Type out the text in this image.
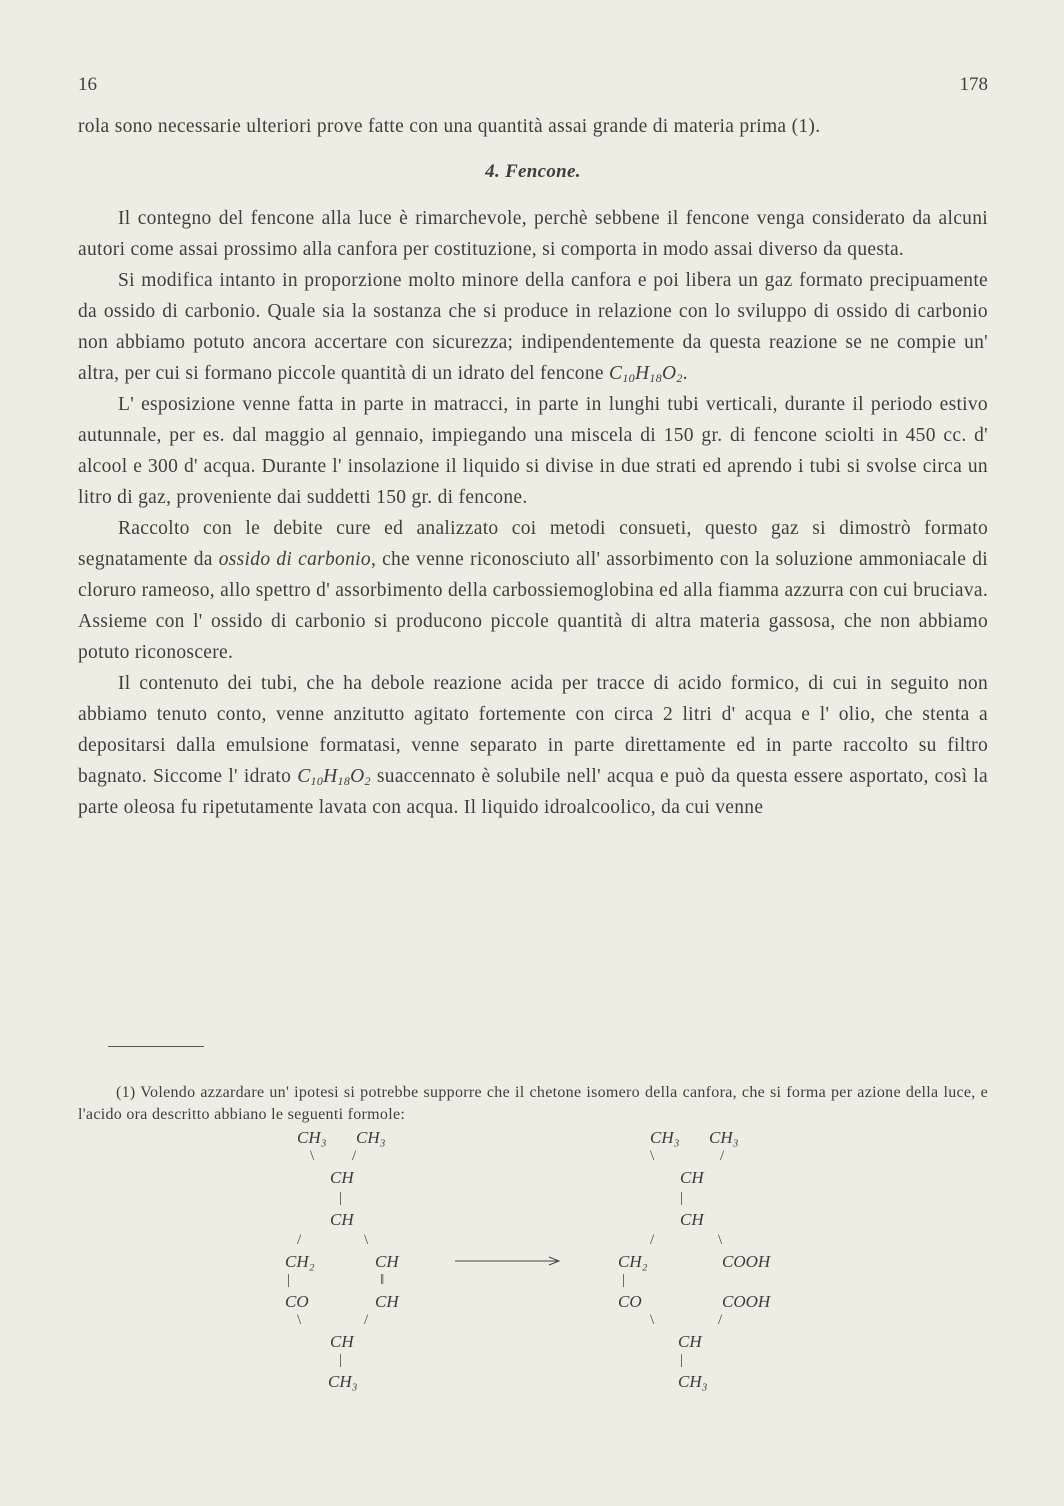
16	178

rola sono necessarie ulteriori prove fatte con una quantità assai grande di materia prima (1).

4. Fencone.

Il contegno del fencone alla luce è rimarchevole, perchè sebbene il fencone venga considerato da alcuni autori come assai prossimo alla canfora per costituzione, si comporta in modo assai diverso da questa.

Si modifica intanto in proporzione molto minore della canfora e poi libera un gaz formato precipuamente da ossido di carbonio. Quale sia la sostanza che si produce in relazione con lo sviluppo di ossido di carbonio non abbiamo potuto ancora accertare con sicurezza; indipendentemente da questa reazione se ne compie un' altra, per cui si formano piccole quantità di un idrato del fencone $C_{10}H_{18}O_2$.

L' esposizione venne fatta in parte in matracci, in parte in lunghi tubi verticali, durante il periodo estivo autunnale, per es. dal maggio al gennaio, impiegando una miscela di 150 gr. di fencone sciolti in 450 cc. d' alcool e 300 d' acqua. Durante l' insolazione il liquido si divise in due strati ed aprendo i tubi si svolse circa un litro di gaz, proveniente dai suddetti 150 gr. di fencone.

Raccolto con le debite cure ed analizzato coi metodi consueti, questo gaz si dimostrò formato segnatamente da ossido di carbonio, che venne riconosciuto all' assorbimento con la soluzione ammoniacale di cloruro rameoso, allo spettro d' assorbimento della carbossiemoglobina ed alla fiamma azzurra con cui bruciava. Assieme con l' ossido di carbonio si producono piccole quantità di altra materia gassosa, che non abbiamo potuto riconoscere.

Il contenuto dei tubi, che ha debole reazione acida per tracce di acido formico, di cui in seguito non abbiamo tenuto conto, venne anzitutto agitato fortemente con circa 2 litri d' acqua e l' olio, che stenta a depositarsi dalla emulsione formatasi, venne separato in parte direttamente ed in parte raccolto su filtro bagnato. Siccome l' idrato $C_{10}H_{18}O_2$ suaccennato è solubile nell' acqua e può da questa essere asportato, così la parte oleosa fu ripetutamente lavata con acqua. Il liquido idroalcoolico, da cui venne

(1) Volendo azzardare un' ipotesi si potrebbe supporre che il chetone isomero della canfora, che si forma per azione della luce, e l'acido ora descritto abbiano le seguenti formole:

CH₃ CH₃
\	/
CH
|
CH
/	\
CH₂	CH
|	‖
CO	CH
\	/
CH
|
CH₃
CH₃ CH₃
\	/
CH
|
CH
/	\
CH₂	COOH
|
CO	COOH
\	/
CH
|
CH₃
